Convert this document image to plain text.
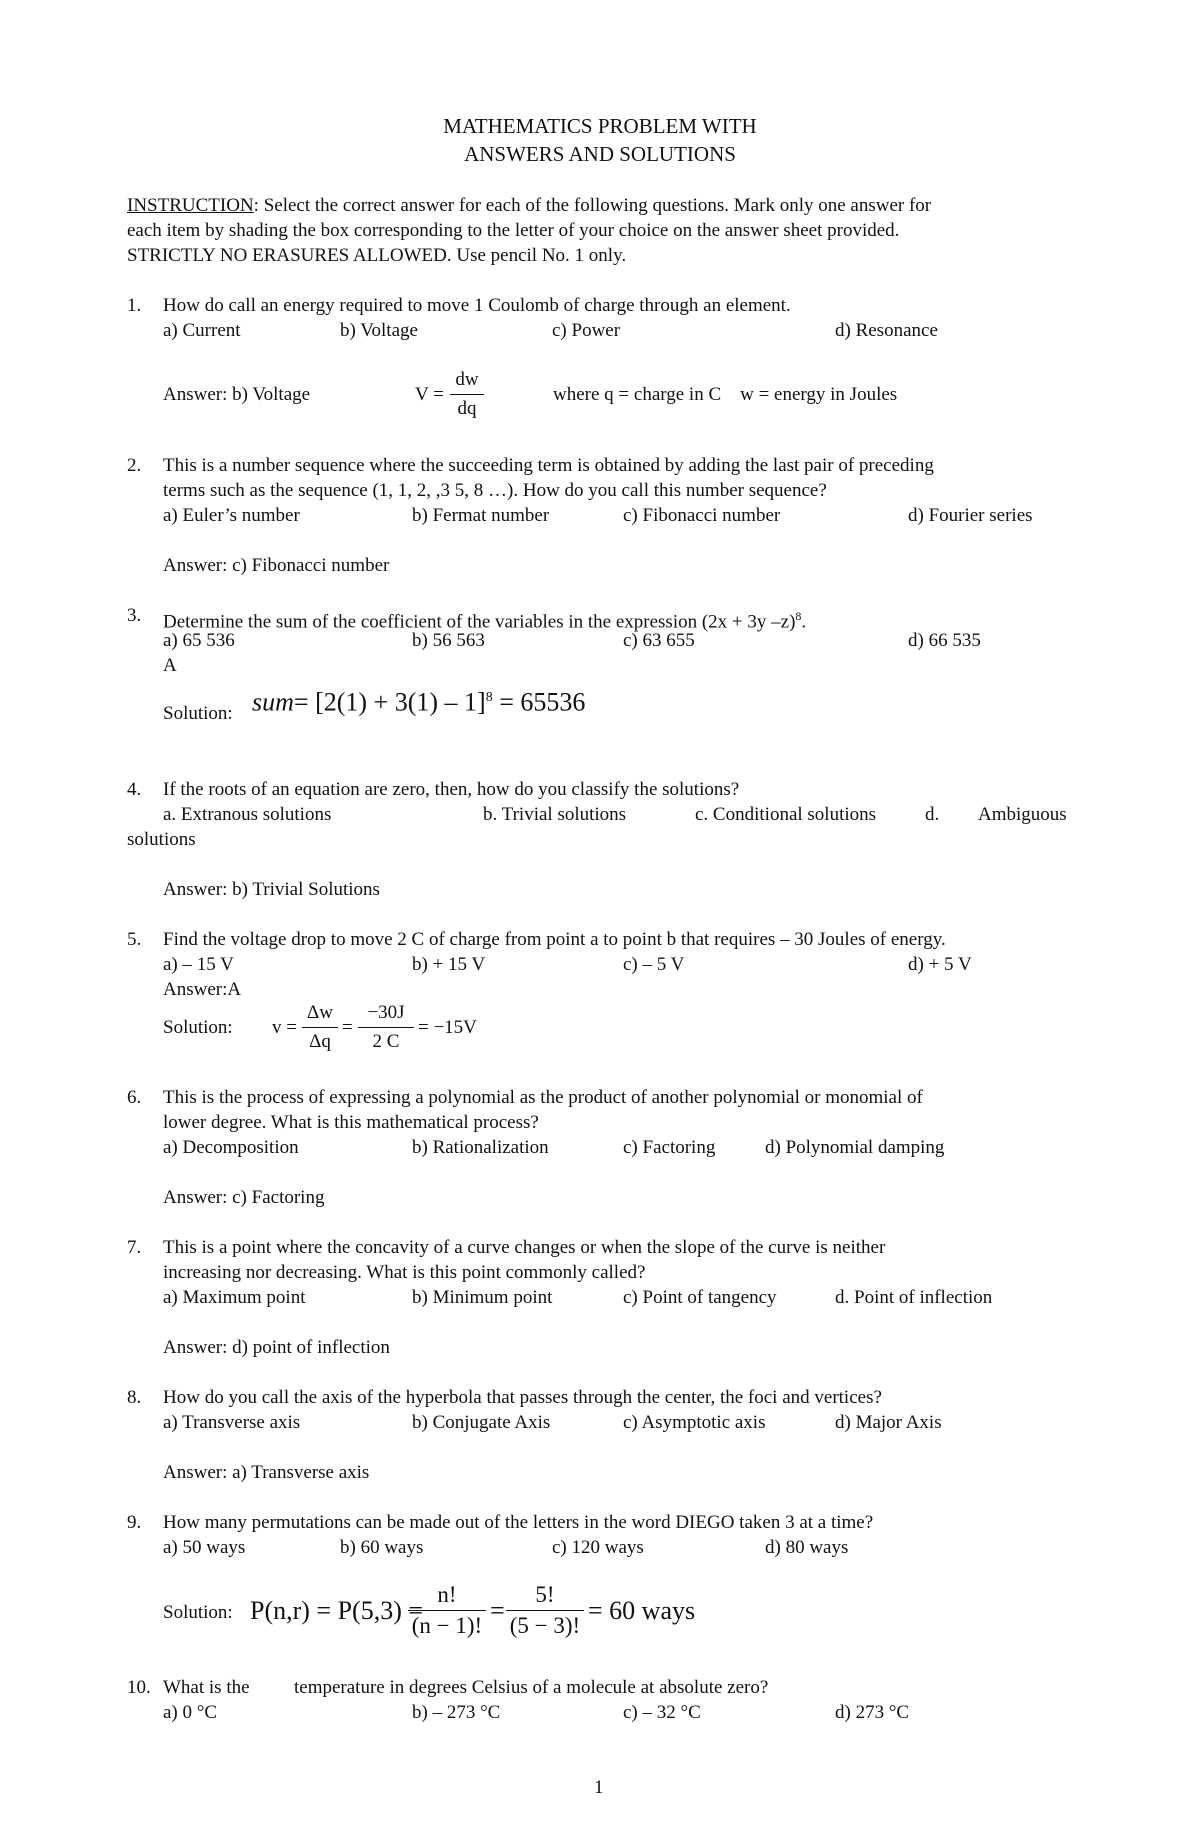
MATHEMATICS PROBLEM WITH
ANSWERS AND SOLUTIONS
INSTRUCTION: Select the correct answer for each of the following questions. Mark only one answer for
each item by shading the box corresponding to the letter of your choice on the answer sheet provided.
STRICTLY NO ERASURES ALLOWED. Use pencil No. 1 only.
1. How do call an energy required to move 1 Coulomb of charge through an element.
a) Current	b) Voltage	c) Power	d) Resonance
Answer: b) Voltage	V =
dw
dq
where q = charge in C    w = energy in Joules
2. This is a number sequence where the succeeding term is obtained by adding the last pair of preceding
terms such as the sequence (1, 1, 2, ,3 5, 8 …). How do you call this number sequence?
a) Euler’s number	b) Fermat number	c) Fibonacci number	d) Fourier series
Answer: c) Fibonacci number
3. Determine the sum of the coefficient of the variables in the expression (2x + 3y –z)$^8$.
a) 65 536	b) 56 563	c) 63 655	d) 66 535
A
Solution: $sum= [2(1) + 3(1) - 1]^8 = 65536$
4. If the roots of an equation are zero, then, how do you classify the solutions?
a. Extranous solutions	b. Trivial solutions	c. Conditional solutions	d. Ambiguous
solutions
Answer: b) Trivial Solutions
5. Find the voltage drop to move 2 C of charge from point a to point b that requires – 30 Joules of energy.
a) – 15 V	b) + 15 V	c) – 5 V	d) + 5 V
Answer:A
Solution: v =
Δw
Δq
=
−30J
2 C
= −15V
6. This is the process of expressing a polynomial as the product of another polynomial or monomial of
lower degree. What is this mathematical process?
a) Decomposition	b) Rationalization	c) Factoring	d) Polynomial damping
Answer: c) Factoring
7. This is a point where the concavity of a curve changes or when the slope of the curve is neither
increasing nor decreasing. What is this point commonly called?
a) Maximum point	b) Minimum point	c) Point of tangency	d. Point of inflection
Answer: d) point of inflection
8. How do you call the axis of the hyperbola that passes through the center, the foci and vertices?
a) Transverse axis	b) Conjugate Axis	c) Asymptotic axis	d) Major Axis
Answer: a) Transverse axis
9. How many permutations can be made out of the letters in the word DIEGO taken 3 at a time?
a) 50 ways	b) 60 ways	c) 120 ways	d) 80 ways
Solution: P(n,r) = P(5,3) =
n!
(n − 1)!
=
5!
(5 − 3)!
= 60 ways
10. What is the temperature in degrees Celsius of a molecule at absolute zero?
a) 0 °C	b) – 273 °C	c) – 32 °C	d) 273 °C
1
